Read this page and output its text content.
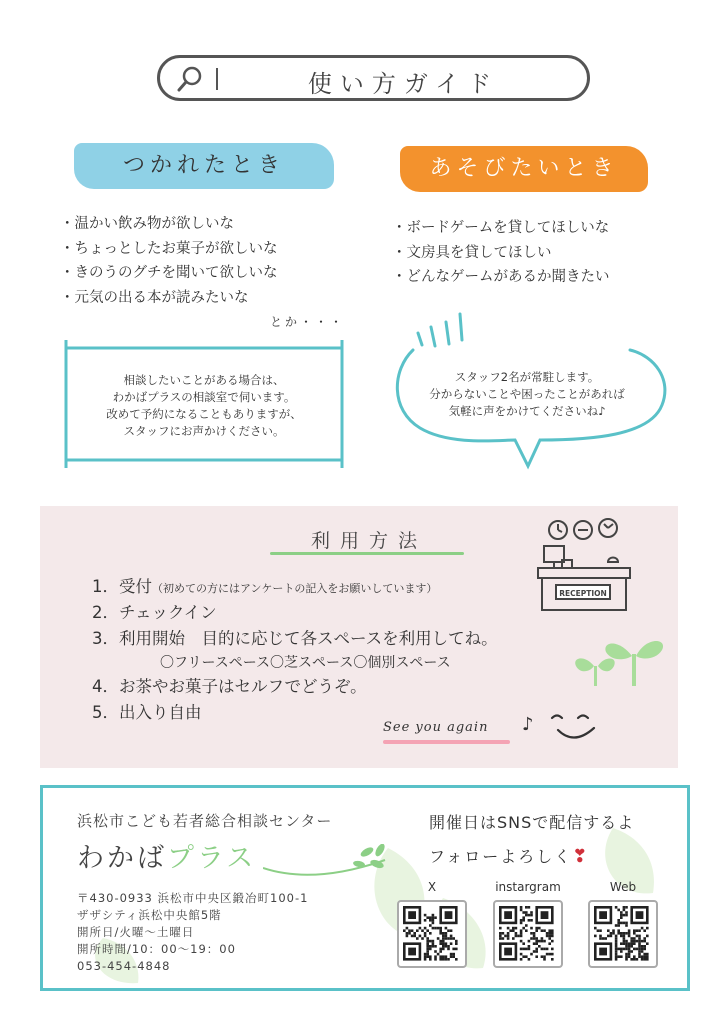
使い方ガイド
つかれたとき
・ 温かい飲み物が欲しいな
・ ちょっとしたお菓子が欲しいな
・ きのうのグチを聞いて欲しいな
・ 元気の出る本が読みたいな
とか・・・
あそびたいとき
・ ボードゲームを貸してほしいな
・ 文房具を貸してほしい
・ どんなゲームがあるか聞きたい
相談したいことがある場合は、
わかばプラスの相談室で伺います。
改めて予約になることもありますが、
スタッフにお声かけください。
スタッフ2名が常駐します。
分からないことや困ったことがあれば
気軽に声をかけてくださいね♪
利用方法
1．受付（初めての方にはアンケートの記入をお願いしています）
2．チェックイン
3．利用開始　目的に応じて各スペースを利用してね。
〇フリースペース〇芝スペース〇個別スペース
4．お茶やお菓子はセルフでどうぞ。
5．出入り自由
RECEPTION
See you again ♪
浜松市こども若者総合相談センター
わかばプラス
〒430-0933 浜松市中央区鍛冶町100-1
ザザシティ浜松中央館5階
開所日/火曜～土曜日
開所時間/10：00～19：00
053-454-4848
開催日はSNSで配信するよ
フォローよろしく❣
X	instargram	Web
